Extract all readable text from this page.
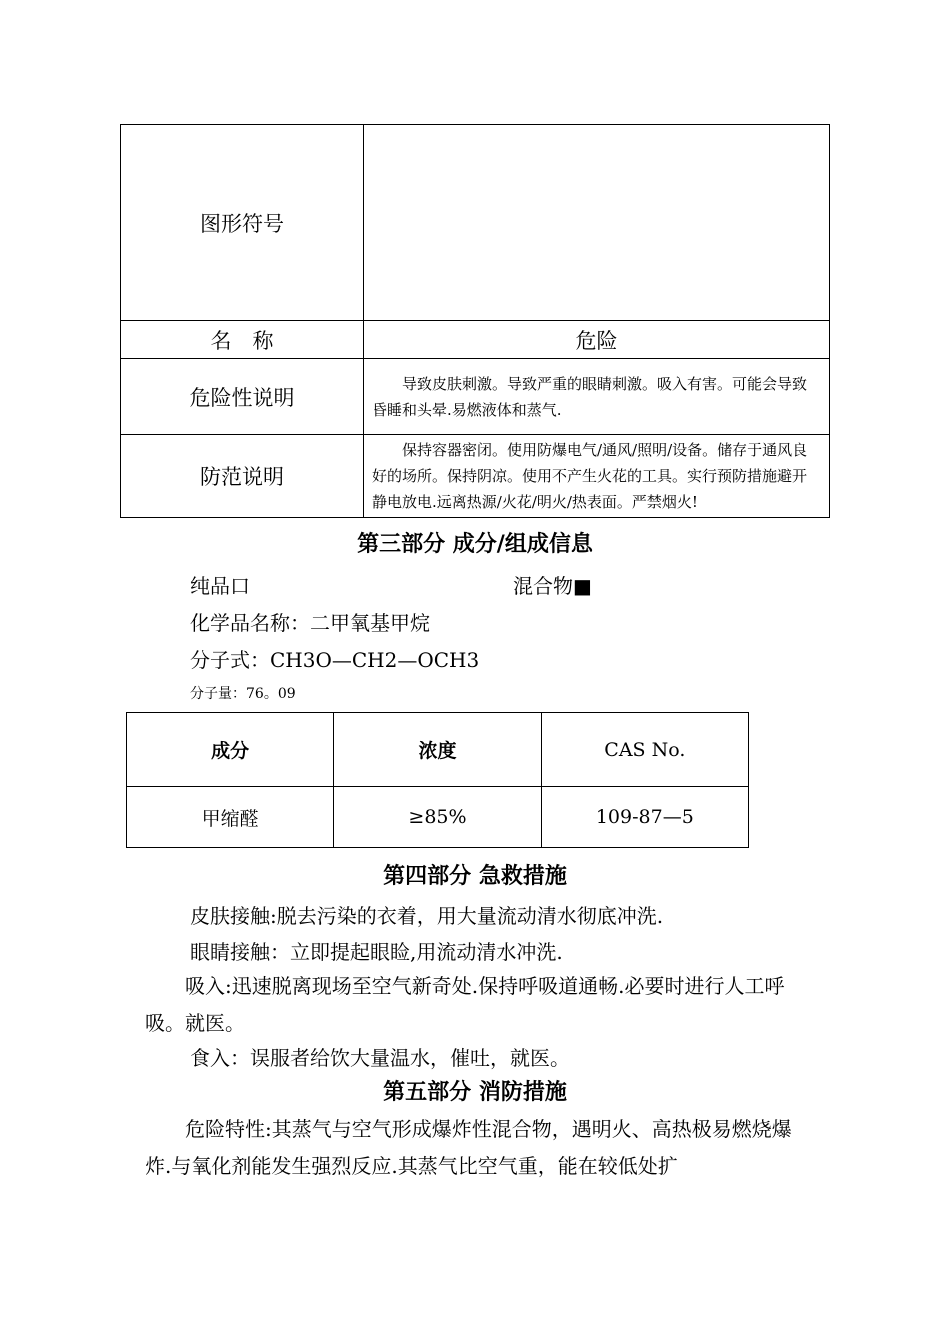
图形符号	
名　称	危险
危险性说明	导致皮肤刺激。导致严重的眼睛刺激。吸入有害。可能会导致昏睡和头晕.易燃液体和蒸气.
防范说明	保持容器密闭。使用防爆电气/通风/照明/设备。储存于通风良好的场所。保持阴凉。使用不产生火花的工具。实行预防措施避开静电放电.远离热源/火花/明火/热表面。严禁烟火!
第三部分 成分/组成信息
纯品口	混合物■
化学品名称：二甲氧基甲烷
分子式：CH3O—CH2—OCH3
分子量：76。09
成分	浓度	CAS No.
甲缩醛	≥85%	109-87—5
第四部分 急救措施
皮肤接触:脱去污染的衣着，用大量流动清水彻底冲洗.
眼睛接触：立即提起眼睑,用流动清水冲洗.
吸入:迅速脱离现场至空气新奇处.保持呼吸道通畅.必要时进行人工呼吸。就医。
食入：误服者给饮大量温水，催吐，就医。
第五部分 消防措施
危险特性:其蒸气与空气形成爆炸性混合物，遇明火、高热极易燃烧爆炸.与氧化剂能发生强烈反应.其蒸气比空气重，能在较低处扩
